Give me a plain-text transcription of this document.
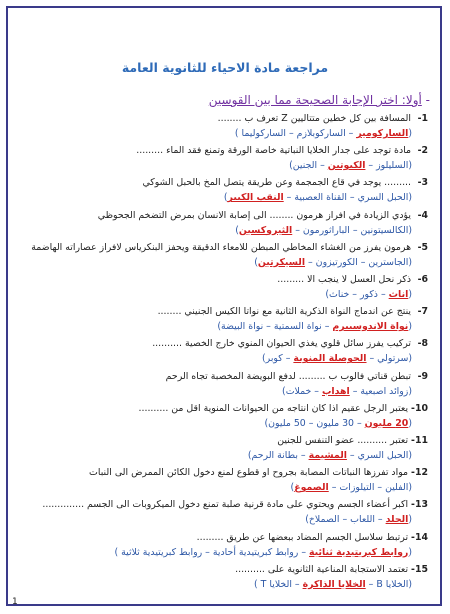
مراجعة مادة الاحياء للثانوية العامة
- أولا: اختر الإجابة الصحيحة مما بين القوسين
1- المسافة بين كل خطين متتاليين Z تعرف ب ........
(الساركومير – الساركوبلازم – الساركوليما )
2- مادة توجد على جدار الخلايا النباتية خاصة الورقة وتمنع فقد الماء .........
(السليلوز – الكيوتين – الجنين)
3- ......... يوجد في قاع الجمجمة وعن طريقة يتصل المخ بالحبل الشوكي
(الحبل السري – القناة العصبية – النقب الكبير)
4- يؤدي الزيادة في افراز هرمون ........ الى إصابة الانسان بمرض التضخم الجحوظي
(الكالسيتونين – الباراثورمون – الثيروكسين)
5- هرمون يفرز من الغشاء المخاطي المبطن للامعاء الدقيقة ويحفز البنكرياس لافراز عصاراته الهاضمة
(الجاسترين – الكورتيزون – السيكرتين)
6- ذكر نحل العسل لا ينجب الا .........
(اناث – ذكور – خناث)
7- ينتج عن اندماج النواة الذكرية الثانية مع نواتا الكيس الجنيني ........
(نواة الاندوسبيرم – نواة السمتية – نواة البيضة)
8- تركيب يفرز سائل قلوي يغذي الحيوان المنوي خارج الخصية ..........
(سرتولي – الحوصلة المنوية – كوبر)
9- تبطن قناتي فالوب ب ......... لدفع البويضة المخصبة تجاه الرحم
(زوائد اصبعية – اهداب – خملات)
10- يعتبر الرجل عقيم اذا كان انتاجه من الحيوانات المنوية اقل من ..........
(20 مليون – 30 مليون – 50 مليون)
11- تعتبر .......... عضو التنفس للجنين
(الحبل السري – المشيمة – بطانة الرحم)
12- مواد تفرزها النباتات المصابة بجروح او قطوع لمنع دخول الكائن الممرض الى النبات
(الفلين – التيلوزات – الصموغ)
13- اكبر أعضاء الجسم ويحتوي على مادة قرنية صلبة تمنع دخول الميكروبات الى الجسم ..............
(الجلد – اللعاب – الصملاخ)
14- ترتبط سلاسل الجسم المضاد ببعضها عن طريق .........
(روابط كبريتيدية ثنائية – روابط كبريتيدية أحادية – روابط كبريتيدية ثلاثية )
15- تعتمد الاستجابة المناعية الثانوية على ..........
(الخلايا B – الخلايا الذاكرة – الخلايا T )
1
